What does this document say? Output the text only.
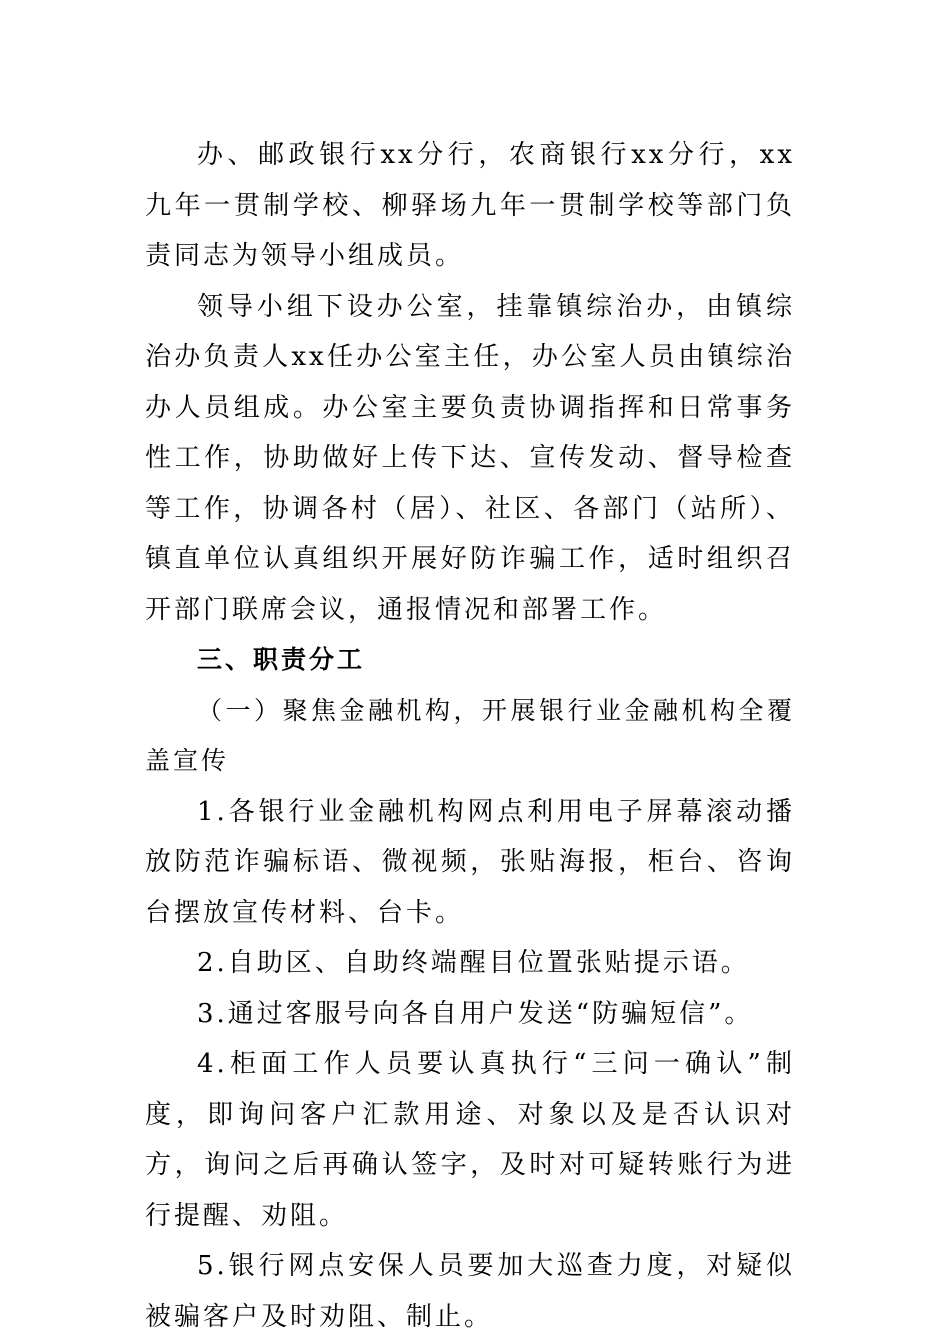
办、邮政银行xx分行，农商银行xx分行，xx九年一贯制学校、柳驿场九年一贯制学校等部门负责同志为领导小组成员。

领导小组下设办公室，挂靠镇综治办，由镇综治办负责人xx任办公室主任，办公室人员由镇综治办人员组成。办公室主要负责协调指挥和日常事务性工作，协助做好上传下达、宣传发动、督导检查等工作，协调各村（居）、社区、各部门（站所）、镇直单位认真组织开展好防诈骗工作，适时组织召开部门联席会议，通报情况和部署工作。

三、职责分工

（一）聚焦金融机构，开展银行业金融机构全覆盖宣传

1.各银行业金融机构网点利用电子屏幕滚动播放防范诈骗标语、微视频，张贴海报，柜台、咨询台摆放宣传材料、台卡。

2.自助区、自助终端醒目位置张贴提示语。

3.通过客服号向各自用户发送“防骗短信”。

4.柜面工作人员要认真执行“三问一确认”制度，即询问客户汇款用途、对象以及是否认识对方，询问之后再确认签字，及时对可疑转账行为进行提醒、劝阻。

5.银行网点安保人员要加大巡查力度，对疑似被骗客户及时劝阻、制止。
